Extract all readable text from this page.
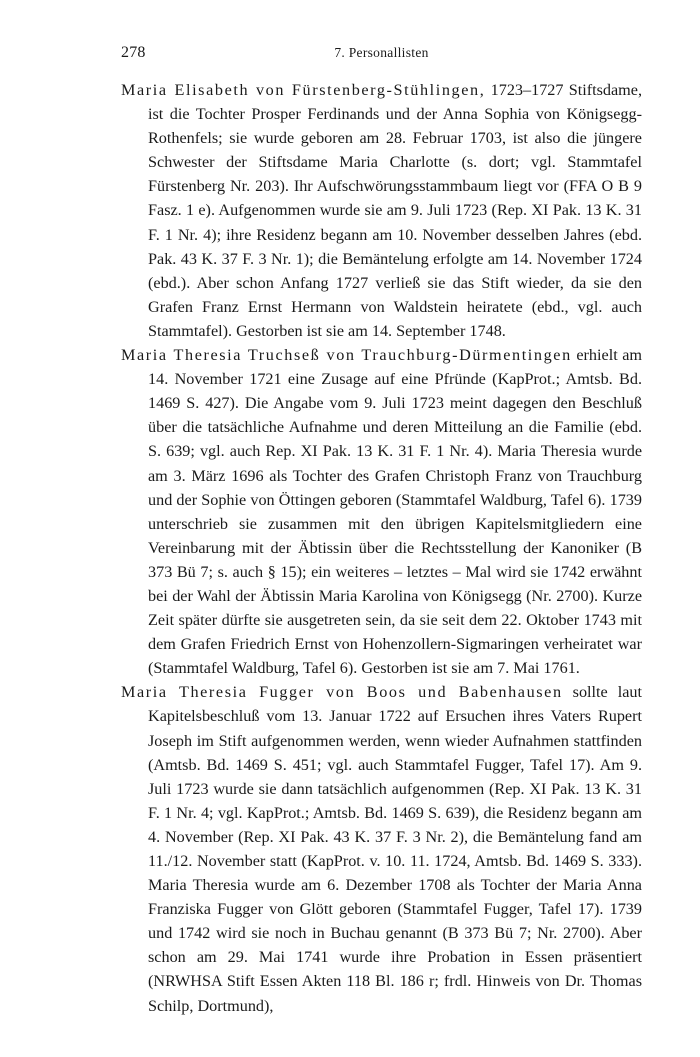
278	7. Personallisten

Maria Elisabeth von Fürstenberg-Stühlingen, 1723–1727 Stiftsdame, ist die Tochter Prosper Ferdinands und der Anna Sophia von Königsegg-Rothenfels; sie wurde geboren am 28. Februar 1703, ist also die jüngere Schwester der Stiftsdame Maria Charlotte (s. dort; vgl. Stammtafel Fürstenberg Nr. 203). Ihr Aufschwörungsstammbaum liegt vor (FFA O B 9 Fasz. 1 e). Aufgenommen wurde sie am 9. Juli 1723 (Rep. XI Pak. 13 K. 31 F. 1 Nr. 4); ihre Residenz begann am 10. November desselben Jahres (ebd. Pak. 43 K. 37 F. 3 Nr. 1); die Bemäntelung erfolgte am 14. November 1724 (ebd.). Aber schon Anfang 1727 verließ sie das Stift wieder, da sie den Grafen Franz Ernst Hermann von Waldstein heiratete (ebd., vgl. auch Stammtafel). Gestorben ist sie am 14. September 1748.

Maria Theresia Truchseß von Trauchburg-Dürmentingen erhielt am 14. November 1721 eine Zusage auf eine Pfründe (KapProt.; Amtsb. Bd. 1469 S. 427). Die Angabe vom 9. Juli 1723 meint dagegen den Beschluß über die tatsächliche Aufnahme und deren Mitteilung an die Familie (ebd. S. 639; vgl. auch Rep. XI Pak. 13 K. 31 F. 1 Nr. 4). Maria Theresia wurde am 3. März 1696 als Tochter des Grafen Christoph Franz von Trauchburg und der Sophie von Öttingen geboren (Stammtafel Waldburg, Tafel 6). 1739 unterschrieb sie zusammen mit den übrigen Kapitelsmitgliedern eine Vereinbarung mit der Äbtissin über die Rechtsstellung der Kanoniker (B 373 Bü 7; s. auch § 15); ein weiteres – letztes – Mal wird sie 1742 erwähnt bei der Wahl der Äbtissin Maria Karolina von Königsegg (Nr. 2700). Kurze Zeit später dürfte sie ausgetreten sein, da sie seit dem 22. Oktober 1743 mit dem Grafen Friedrich Ernst von Hohenzollern-Sigmaringen verheiratet war (Stammtafel Waldburg, Tafel 6). Gestorben ist sie am 7. Mai 1761.

Maria Theresia Fugger von Boos und Babenhausen sollte laut Kapitelsbeschluß vom 13. Januar 1722 auf Ersuchen ihres Vaters Rupert Joseph im Stift aufgenommen werden, wenn wieder Aufnahmen stattfinden (Amtsb. Bd. 1469 S. 451; vgl. auch Stammtafel Fugger, Tafel 17). Am 9. Juli 1723 wurde sie dann tatsächlich aufgenommen (Rep. XI Pak. 13 K. 31 F. 1 Nr. 4; vgl. KapProt.; Amtsb. Bd. 1469 S. 639), die Residenz begann am 4. November (Rep. XI Pak. 43 K. 37 F. 3 Nr. 2), die Bemäntelung fand am 11./12. November statt (KapProt. v. 10. 11. 1724, Amtsb. Bd. 1469 S. 333). Maria Theresia wurde am 6. Dezember 1708 als Tochter der Maria Anna Franziska Fugger von Glött geboren (Stammtafel Fugger, Tafel 17). 1739 und 1742 wird sie noch in Buchau genannt (B 373 Bü 7; Nr. 2700). Aber schon am 29. Mai 1741 wurde ihre Probation in Essen präsentiert (NRWHSA Stift Essen Akten 118 Bl. 186 r; frdl. Hinweis von Dr. Thomas Schilp, Dortmund),
